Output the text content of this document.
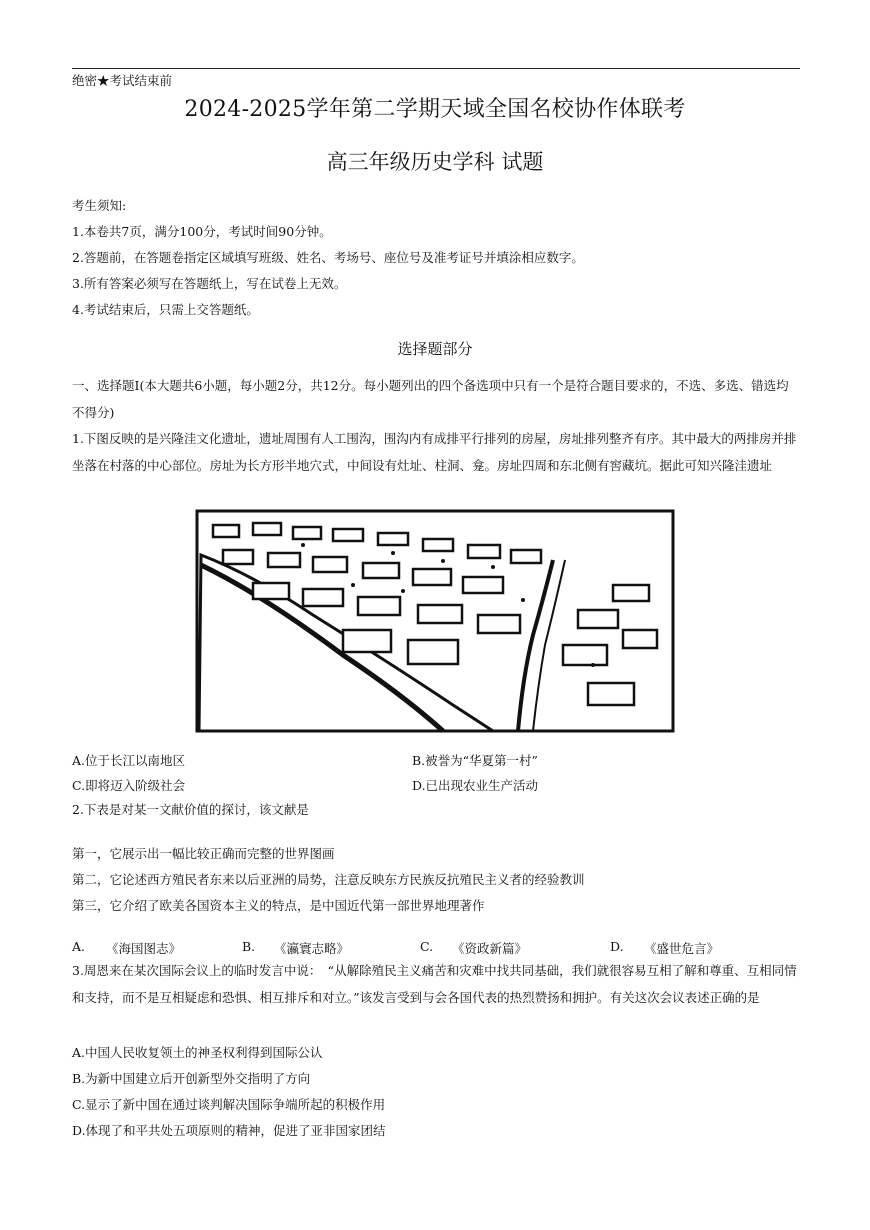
绝密★考试结束前
2024-2025学年第二学期天域全国名校协作体联考
高三年级历史学科 试题
考生须知:
1.本卷共7页，满分100分，考试时间90分钟。
2.答题前，在答题卷指定区域填写班级、姓名、考场号、座位号及准考证号并填涂相应数字。
3.所有答案必须写在答题纸上，写在试卷上无效。
4.考试结束后，只需上交答题纸。
选择题部分
一、选择题Ⅰ(本大题共6小题，每小题2分，共12分。每小题列出的四个备选项中只有一个是符合题目要求的，不选、多选、错选均不得分)
1.下图反映的是兴隆洼文化遗址，遗址周围有人工围沟，围沟内有成排平行排列的房屋，房址排列整齐有序。其中最大的两排房并排坐落在村落的中心部位。房址为长方形半地穴式，中间设有灶址、柱洞、龛。房址四周和东北侧有窖藏坑。据此可知兴隆洼遗址
A.位于长江以南地区	B.被誉为“华夏第一村”
C.即将迈入阶级社会	D.已出现农业生产活动
2.下表是对某一文献价值的探讨，该文献是
第一，它展示出一幅比较正确而完整的世界图画
第二，它论述西方殖民者东来以后亚洲的局势，注意反映东方民族反抗殖民主义者的经验教训
第三，它介绍了欧美各国资本主义的特点，是中国近代第一部世界地理著作
A. 《海国图志》	B. 《瀛寰志略》	C. 《资政新篇》	D. 《盛世危言》
3.周恩来在某次国际会议上的临时发言中说：　“从解除殖民主义痛苦和灾难中找共同基础，我们就很容易互相了解和尊重、互相同情和支持，而不是互相疑虑和恐惧、相互排斥和对立。”该发言受到与会各国代表的热烈赞扬和拥护。有关这次会议表述正确的是
A.中国人民收复领土的神圣权利得到国际公认
B.为新中国建立后开创新型外交指明了方向
C.显示了新中国在通过谈判解决国际争端所起的积极作用
D.体现了和平共处五项原则的精神，促进了亚非国家团结
